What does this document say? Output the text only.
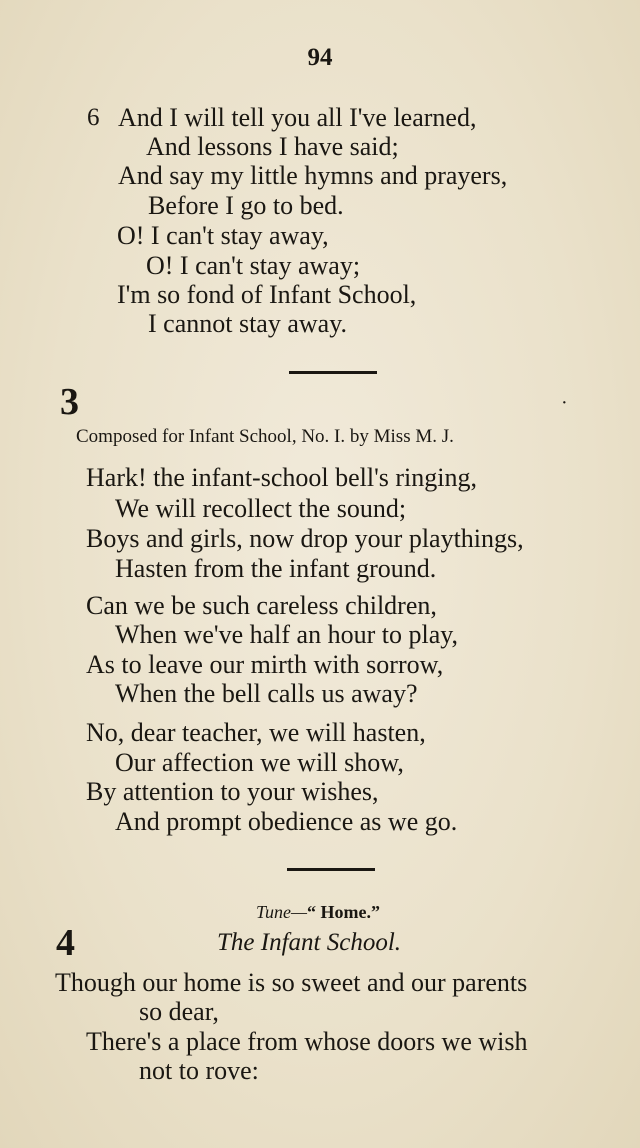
94
6 And I will tell you all I've learned,
And lessons I have said;
And say my little hymns and prayers,
Before I go to bed.
O! I can't stay away,
O! I can't stay away;
I'm so fond of Infant School,
I cannot stay away.
3	·
Composed for Infant School, No. I. by Miss M. J.
Hark! the infant-school bell's ringing,
We will recollect the sound;
Boys and girls, now drop your playthings,
Hasten from the infant ground.
Can we be such careless children,
When we've half an hour to play,
As to leave our mirth with sorrow,
When the bell calls us away?
No, dear teacher, we will hasten,
Our affection we will show,
By attention to your wishes,
And prompt obedience as we go.
Tune—“ Home.”
4	The Infant School.
Though our home is so sweet and our parents
so dear,
There's a place from whose doors we wish
not to rove:
